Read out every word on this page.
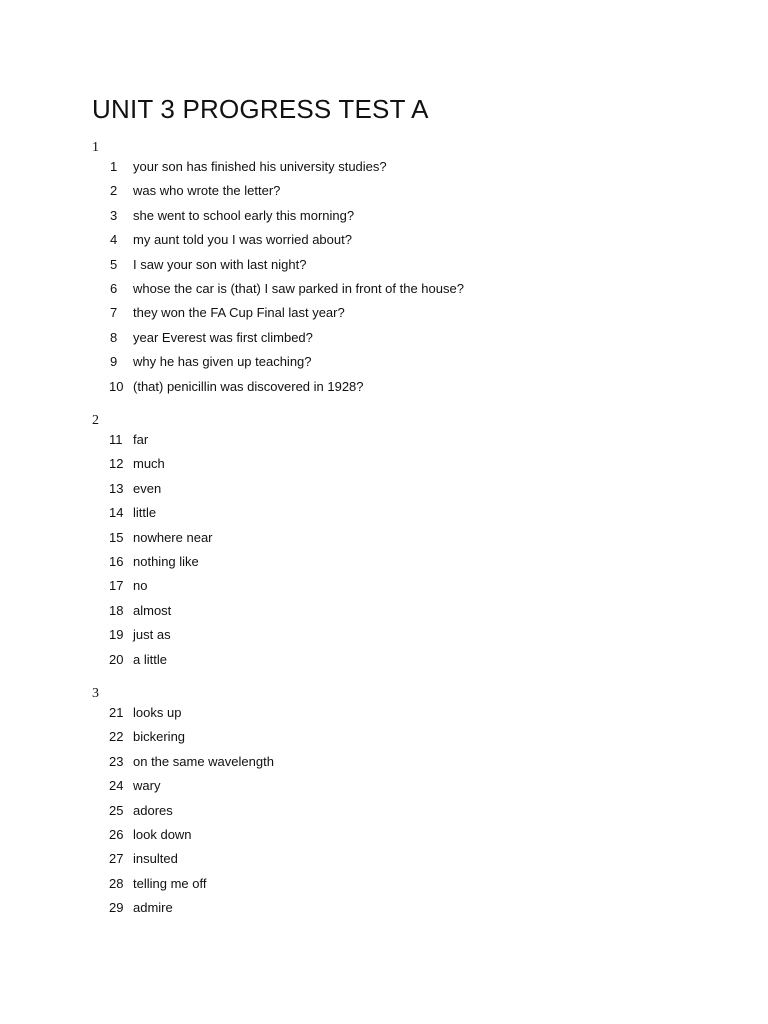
UNIT 3 PROGRESS TEST A
1
1	your son has finished his university studies?
2	was who wrote the letter?
3	she went to school early this morning?
4	my aunt told you I was worried about?
5	I saw your son with last night?
6	whose the car is (that) I saw parked in front of the house?
7	they won the FA Cup Final last year?
8	year Everest was first climbed?
9	why he has given up teaching?
10 (that) penicillin was discovered in 1928?
2
11 far
12 much
13 even
14 little
15 nowhere near
16 nothing like
17 no
18 almost
19 just as
20 a little
3
21 looks up
22 bickering
23 on the same wavelength
24 wary
25 adores
26 look down
27 insulted
28 telling me off
29 admire
